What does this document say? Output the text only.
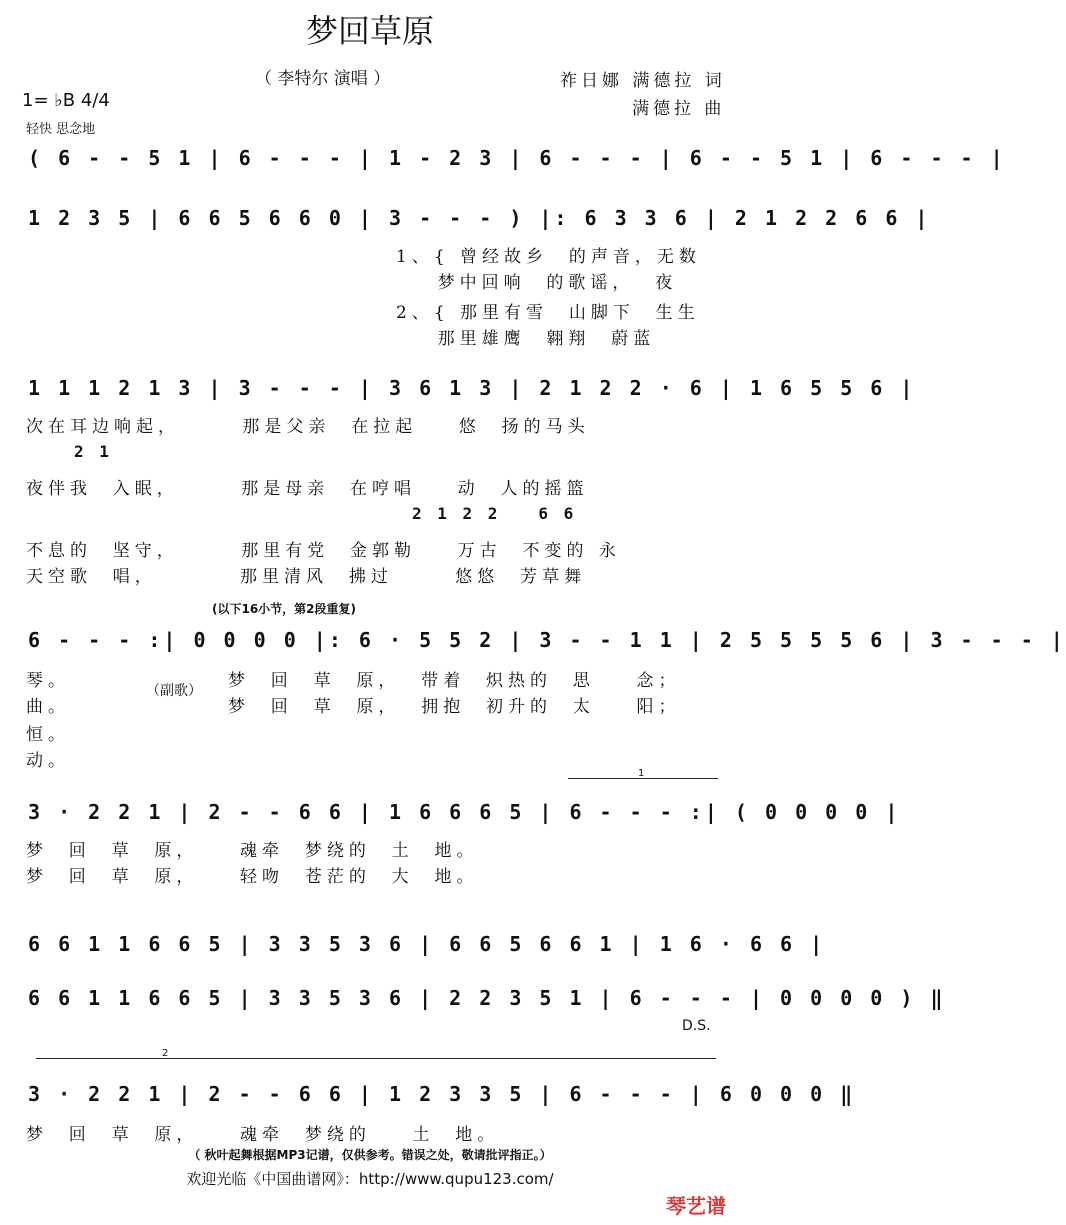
梦回草原
（ 李特尔 演唱 ）	祚日娜 满德拉 词
满德拉 曲
1= ♭B 4/4
轻快 思念地
( 6 - - 5 1 | 6 - - - | 1 - 2 3 | 6 - - - | 6 - - 5 1 | 6 - - - |
1 2 3 5 | 6 6 5 6 6 0 | 3 - - - ) |: 6 3 3 6 | 2 1 2 2 6 6 |
1、{ 曾经故乡  的声音，无数
梦中回响  的歌谣，  夜
2、{ 那里有雪  山脚下  生生
那里雄鹰  翱翔  蔚蓝
1 1 1 2 1 3 | 3 - - - | 3 6 1 3 | 2 1 2 2 · 6 | 1 6 5 5 6 |
次在耳边响起，      那是父亲  在拉起    悠  扬的马头
2 1
夜伴我  入眠，      那是母亲  在哼唱    动  人的摇篮
2 1 2 2   6 6
不息的  坚守，      那里有党  金郭勒    万古  不变的 永
天空歌  唱，        那里清风  拂过      悠悠  芳草舞
(以下16小节，第2段重复)
6 - - - :| 0 0 0 0 |: 6 · 5 5 2 | 3 - - 1 1 | 2 5 5 5 5 6 | 3 - - - |
琴。
曲。
恒。
动。
（副歌） 梦  回  草  原，  带着  炽热的  思    念；
梦  回  草  原，  拥抱  初升的  太    阳；
1
3 · 2 2 1 | 2 - - 6 6 | 1 6 6 6 5 | 6 - - - :| ( 0 0 0 0 |
梦  回  草  原，    魂牵  梦绕的  土  地。
梦  回  草  原，    轻吻  苍茫的  大  地。
6 6 1 1 6 6 5 | 3 3 5 3 6 | 6 6 5 6 6 1 | 1 6 · 6 6 |
6 6 1 1 6 6 5 | 3 3 5 3 6 | 2 2 3 5 1 | 6 - - - | 0 0 0 0 ) ‖
D.S.
2
3 · 2 2 1 | 2 - - 6 6 | 1 2 3 3 5 | 6 - - - | 6 0 0 0 ‖
梦  回  草  原，    魂牵  梦绕的    土  地。
（ 秋叶起舞根据MP3记谱，仅供参考。错误之处，敬请批评指正。）
欢迎光临《中国曲谱网》：http://www.qupu123.com/
琴艺谱
